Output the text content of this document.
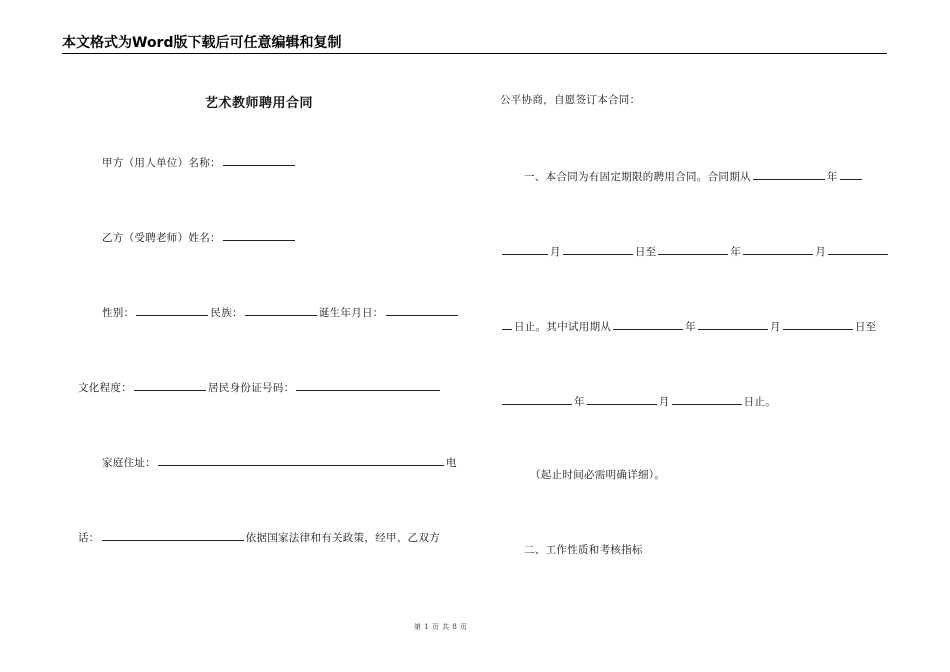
本文格式为Word版下载后可任意编辑和复制
艺术教师聘用合同
甲方（用人单位）名称：
乙方（受聘老师）姓名：
性别：	民族：	诞生年月日：
文化程度：	居民身份证号码：
家庭住址：	电
话：	依据国家法律和有关政策，经甲、乙双方
公平协商，自愿签订本合同：
一、本合同为有固定期限的聘用合同。合同期从	年
月	日至	年	月
日止。其中试用期从	年	月	日至
年	月	日止。
（起止时间必需明确详细）。
二、工作性质和考核指标
第 1 页 共 8 页
